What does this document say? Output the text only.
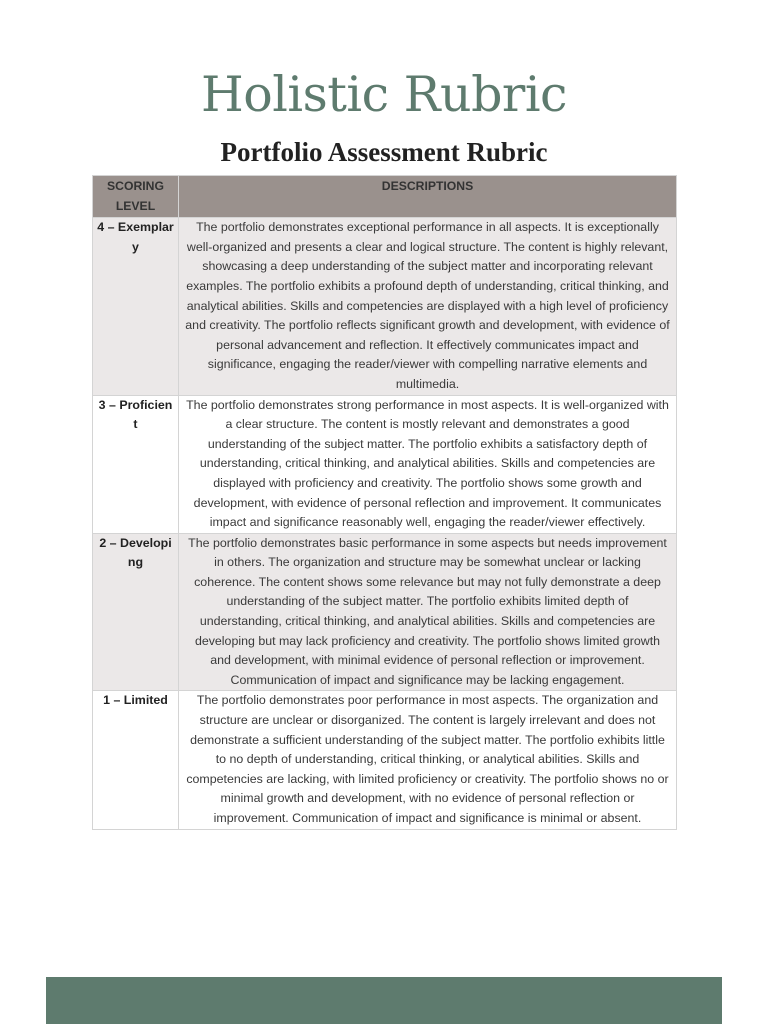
Holistic Rubric
Portfolio Assessment Rubric
SCORING LEVEL	DESCRIPTIONS
4 – Exemplary	The portfolio demonstrates exceptional performance in all aspects. It is exceptionally well-organized and presents a clear and logical structure. The content is highly relevant, showcasing a deep understanding of the subject matter and incorporating relevant examples. The portfolio exhibits a profound depth of understanding, critical thinking, and analytical abilities. Skills and competencies are displayed with a high level of proficiency and creativity. The portfolio reflects significant growth and development, with evidence of personal advancement and reflection. It effectively communicates impact and significance, engaging the reader/viewer with compelling narrative elements and multimedia.
3 – Proficient	The portfolio demonstrates strong performance in most aspects. It is well-organized with a clear structure. The content is mostly relevant and demonstrates a good understanding of the subject matter. The portfolio exhibits a satisfactory depth of understanding, critical thinking, and analytical abilities. Skills and competencies are displayed with proficiency and creativity. The portfolio shows some growth and development, with evidence of personal reflection and improvement. It communicates impact and significance reasonably well, engaging the reader/viewer effectively.
2 – Developing	The portfolio demonstrates basic performance in some aspects but needs improvement in others. The organization and structure may be somewhat unclear or lacking coherence. The content shows some relevance but may not fully demonstrate a deep understanding of the subject matter. The portfolio exhibits limited depth of understanding, critical thinking, and analytical abilities. Skills and competencies are developing but may lack proficiency and creativity. The portfolio shows limited growth and development, with minimal evidence of personal reflection or improvement. Communication of impact and significance may be lacking engagement.
1 – Limited	The portfolio demonstrates poor performance in most aspects. The organization and structure are unclear or disorganized. The content is largely irrelevant and does not demonstrate a sufficient understanding of the subject matter. The portfolio exhibits little to no depth of understanding, critical thinking, or analytical abilities. Skills and competencies are lacking, with limited proficiency or creativity. The portfolio shows no or minimal growth and development, with no evidence of personal reflection or improvement. Communication of impact and significance is minimal or absent.
